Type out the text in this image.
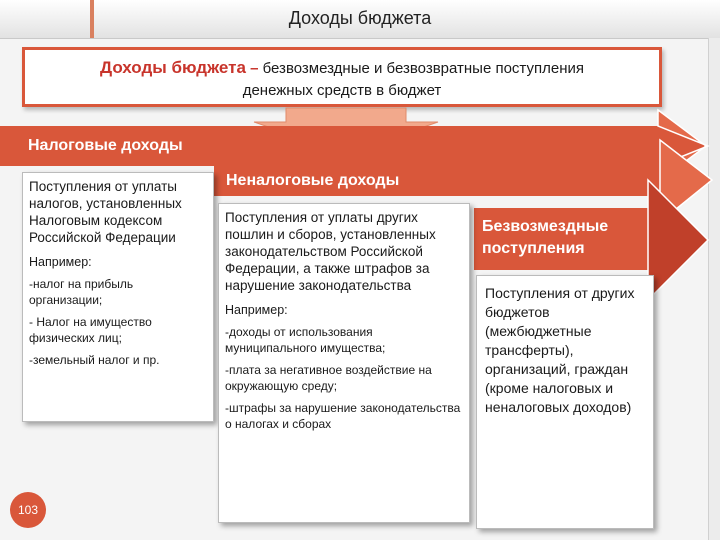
Доходы бюджета
Доходы бюджета – безвозмездные и безвозвратные поступления
денежных средств в бюджет
Налоговые доходы
Неналоговые доходы
Безвозмездные
поступления

Поступления от уплаты налогов, установленных Налоговым кодексом Российской Федерации

Например:

-налог на прибыль организации;

- Налог на имущество физических лиц;

-земельный налог и пр.

Поступления от уплаты других пошлин и сборов, установленных законодательством Российской Федерации, а также штрафов за нарушение законодательства

Например:

-доходы от использования муниципального имущества;

-плата за негативное воздействие на окружающую среду;

-штрафы за нарушение законодательства о налогах и сборах

Поступления от других бюджетов (межбюджетные трансферты), организаций, граждан (кроме налоговых и неналоговых доходов)

103
